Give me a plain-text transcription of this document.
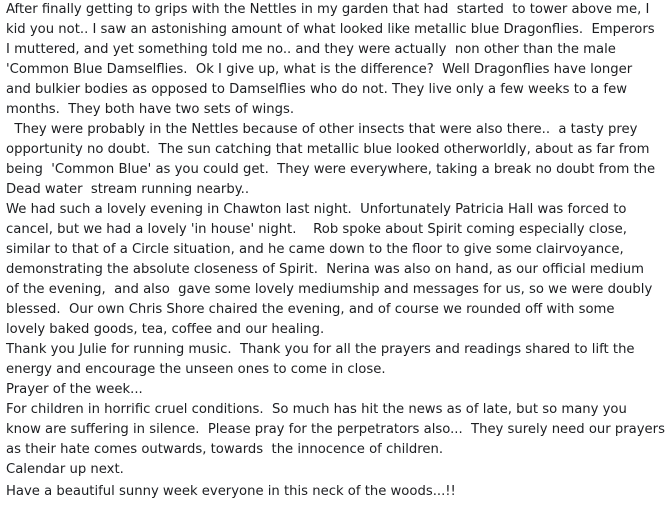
After finally getting to grips with the Nettles in my garden that had  started  to tower above me, I
kid you not.. I saw an astonishing amount of what looked like metallic blue Dragonflies.  Emperors
I muttered, and yet something told me no.. and they were actually  non other than the male
'Common Blue Damselflies.  Ok I give up, what is the difference?  Well Dragonflies have longer
and bulkier bodies as opposed to Damselflies who do not. They live only a few weeks to a few
months.  They both have two sets of wings.
They were probably in the Nettles because of other insects that were also there..  a tasty prey
opportunity no doubt.  The sun catching that metallic blue looked otherworldly, about as far from
being  'Common Blue' as you could get.  They were everywhere, taking a break no doubt from the
Dead water  stream running nearby..
We had such a lovely evening in Chawton last night.  Unfortunately Patricia Hall was forced to
cancel, but we had a lovely 'in house' night.    Rob spoke about Spirit coming especially close,
similar to that of a Circle situation, and he came down to the floor to give some clairvoyance,
demonstrating the absolute closeness of Spirit.  Nerina was also on hand, as our official medium
of the evening,  and also  gave some lovely mediumship and messages for us, so we were doubly
blessed.  Our own Chris Shore chaired the evening, and of course we rounded off with some
lovely baked goods, tea, coffee and our healing.
Thank you Julie for running music.  Thank you for all the prayers and readings shared to lift the
energy and encourage the unseen ones to come in close.
Prayer of the week...
For children in horrific cruel conditions.  So much has hit the news as of late, but so many you
know are suffering in silence.  Please pray for the perpetrators also...  They surely need our prayers
as their hate comes outwards, towards  the innocence of children.
Calendar up next.
Have a beautiful sunny week everyone in this neck of the woods...!!
